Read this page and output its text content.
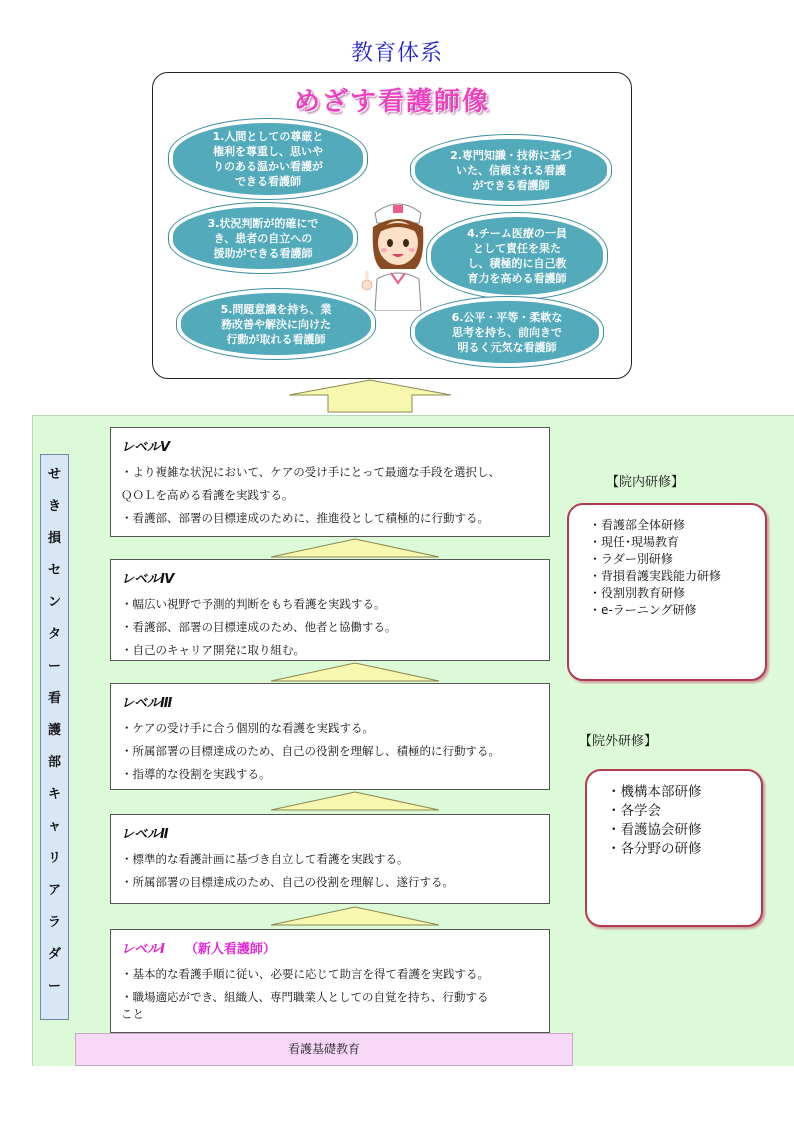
教育体系
めざす看護師像
1.人間としての尊厳と
権利を尊重し、思いや
りのある温かい看護が
できる看護師
2.専門知識・技術に基づ
いた、信頼される看護
ができる看護師
3.状況判断が的確にで
き、患者の自立への
援助ができる看護師
4.チーム医療の一員
として責任を果た
し、積極的に自己教
育力を高める看護師
5.問題意識を持ち、業
務改善や解決に向けた
行動が取れる看護師
6.公平・平等・柔軟な
思考を持ち、前向きで
明るく元気な看護師
せ
き
損
セ
ン
タ
ー
看
護
部
キ
ャ
リ
ア
ラ
ダ
ー
レベルⅤ
・より複雑な状況において、ケアの受け手にとって最適な手段を選択し、
ＱＯＬを高める看護を実践する。
・看護部、部署の目標達成のために、推進役として積極的に行動する。
レベルⅣ
・幅広い視野で予測的判断をもち看護を実践する。
・看護部、部署の目標達成のため、他者と協働する。
・自己のキャリア開発に取り組む。
レベルⅢ
・ケアの受け手に合う個別的な看護を実践する。
・所属部署の目標達成のため、自己の役割を理解し、積極的に行動する。
・指導的な役割を実践する。
レベルⅡ
・標準的な看護計画に基づき自立して看護を実践する。
・所属部署の目標達成のため、自己の役割を理解し、遂行する。
レベルⅠ （新人看護師）
・基本的な看護手順に従い、必要に応じて助言を得て看護を実践する。
・職場適応ができ、組織人、専門職業人としての自覚を持ち、行動する
こと
【院内研修】
・看護部全体研修
・現任･現場教育
・ラダー別研修
・背損看護実践能力研修
・役割別教育研修
・e-ラーニング研修
【院外研修】
・機構本部研修
・各学会
・看護協会研修
・各分野の研修
看護基礎教育
